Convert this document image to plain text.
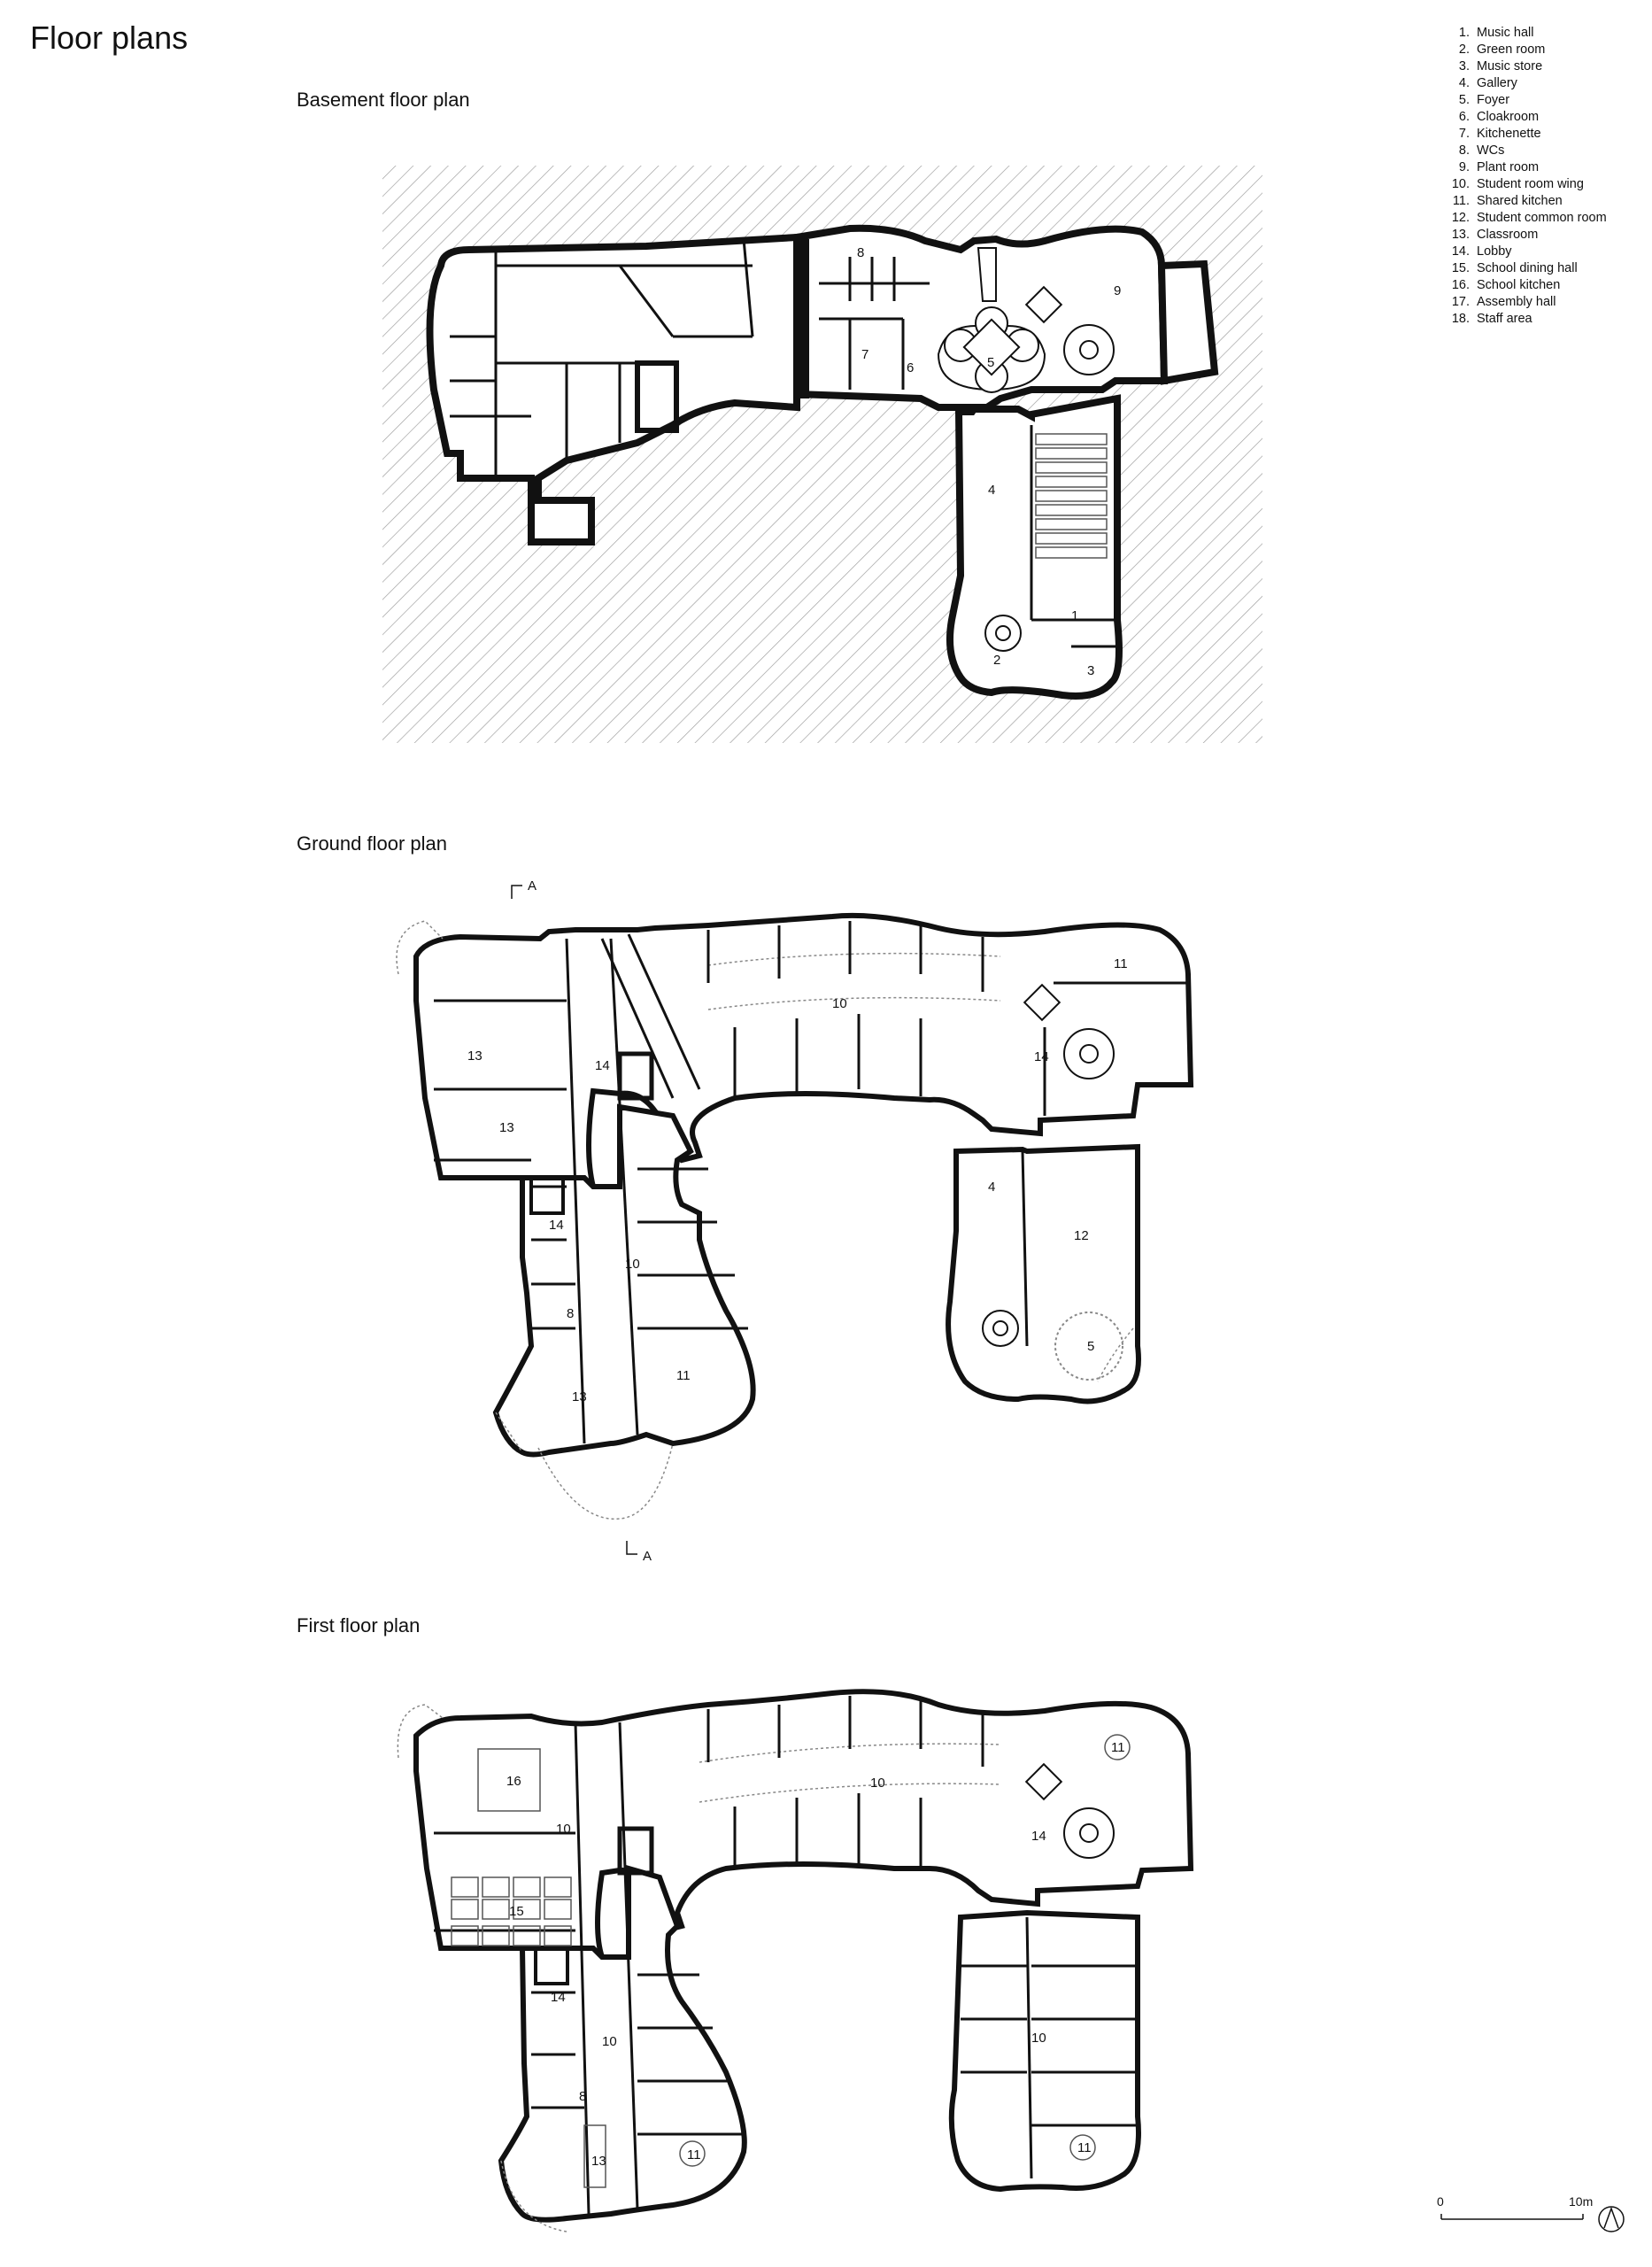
Floor plans	1. Music hall
2. Green room
3. Music store
4. Gallery
5. Foyer
6. Cloakroom
7. Kitchenette
8. WCs
9. Plant room
10. Student room wing
11. Shared kitchen
12. Student common room
13. Classroom
14. Lobby
15. School dining hall
16. School kitchen
17. Assembly hall
18. Staff area
Basement floor plan
Ground floor plan
First floor plan
8
9
7
6	5
4
1
2
3
A
A
11
10
13
14
13
14
10
8
11
13
4
12
5
14
16	10
11
15
14
14
10	10
8
13	11	11
10
0	10m
